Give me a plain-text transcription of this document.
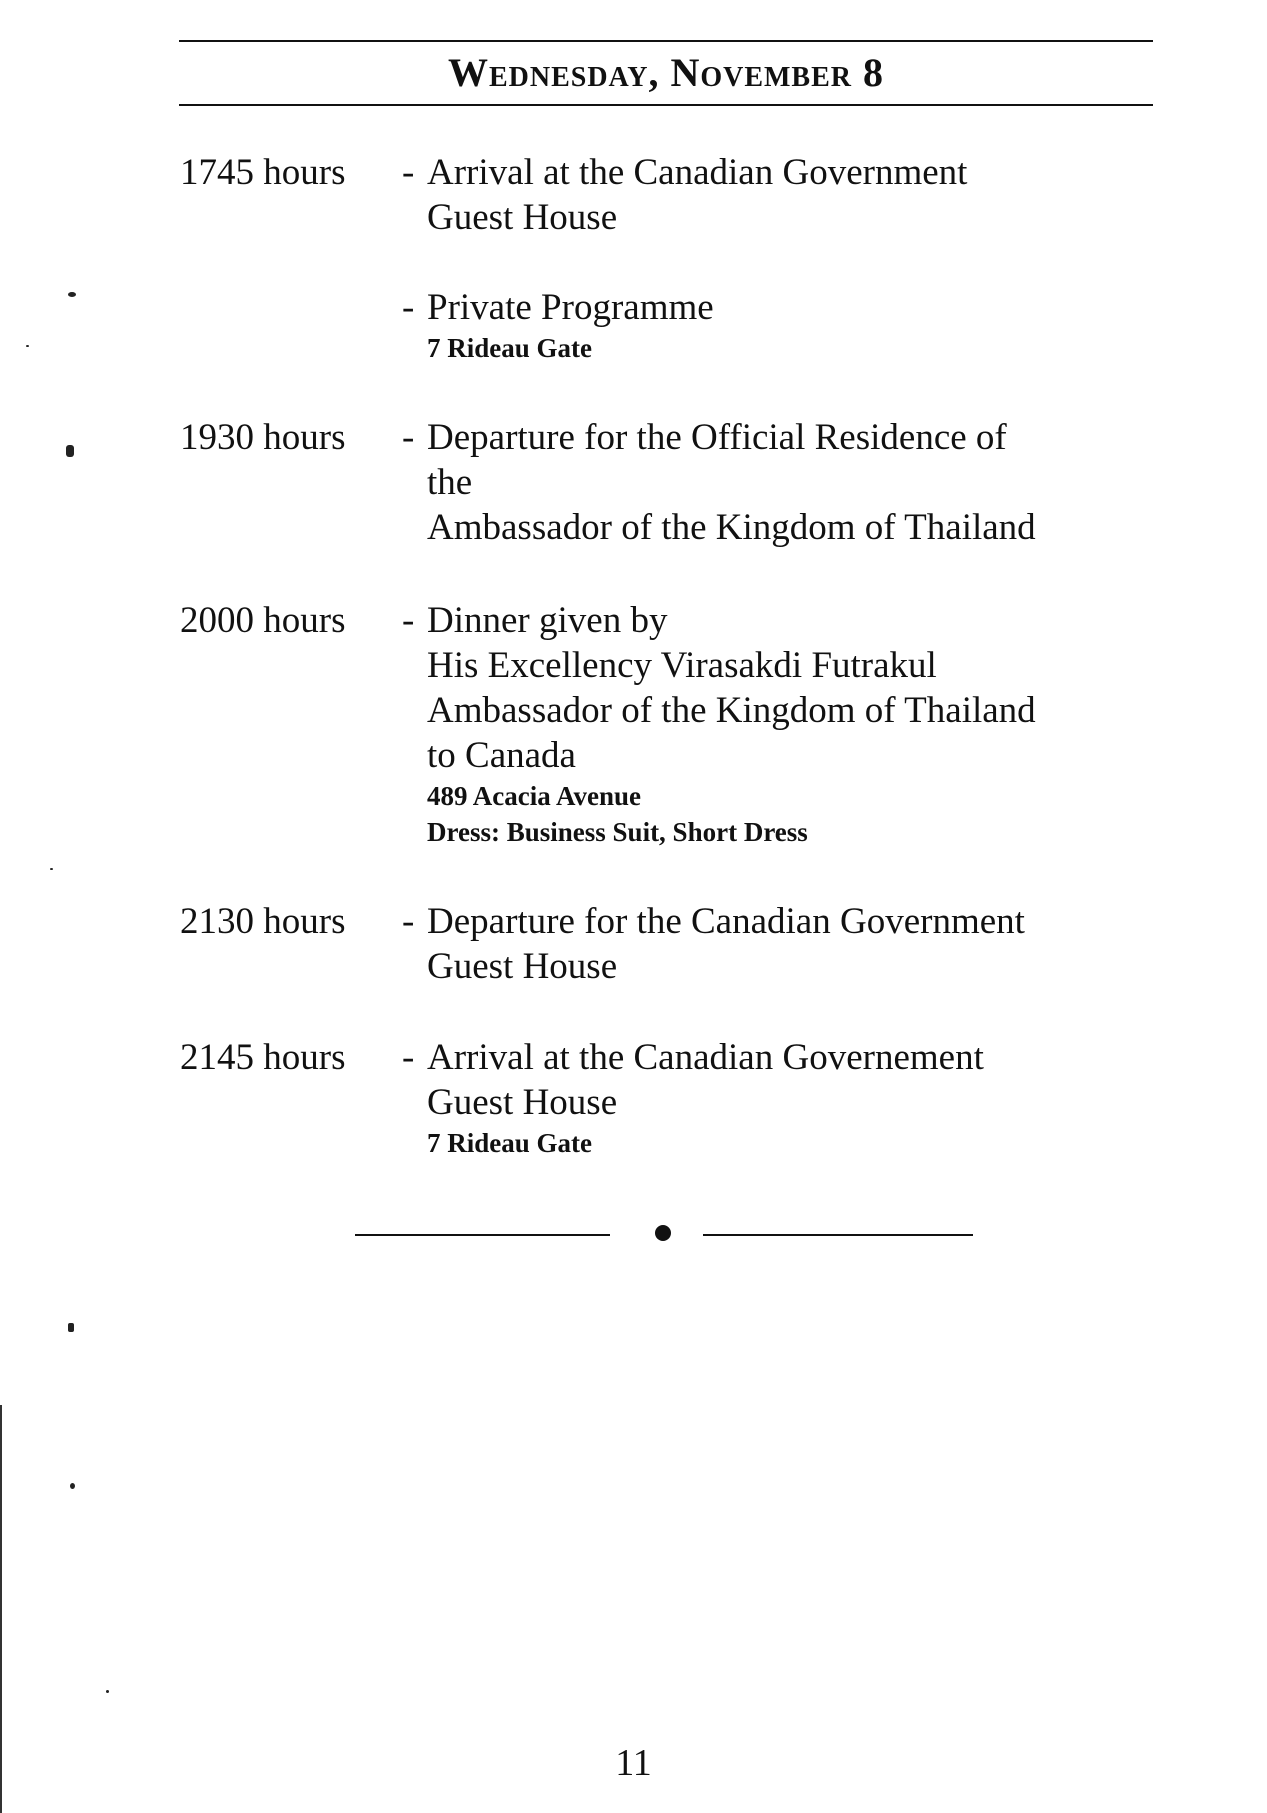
Wednesday, November 8
1745 hours - Arrival at the Canadian Government
Guest House
- Private Programme
7 Rideau Gate
1930 hours - Departure for the Official Residence of
the
Ambassador of the Kingdom of Thailand
2000 hours - Dinner given by
His Excellency Virasakdi Futrakul
Ambassador of the Kingdom of Thailand
to Canada
489 Acacia Avenue
Dress: Business Suit, Short Dress
2130 hours - Departure for the Canadian Government
Guest House
2145 hours - Arrival at the Canadian Governement
Guest House
7 Rideau Gate
11
